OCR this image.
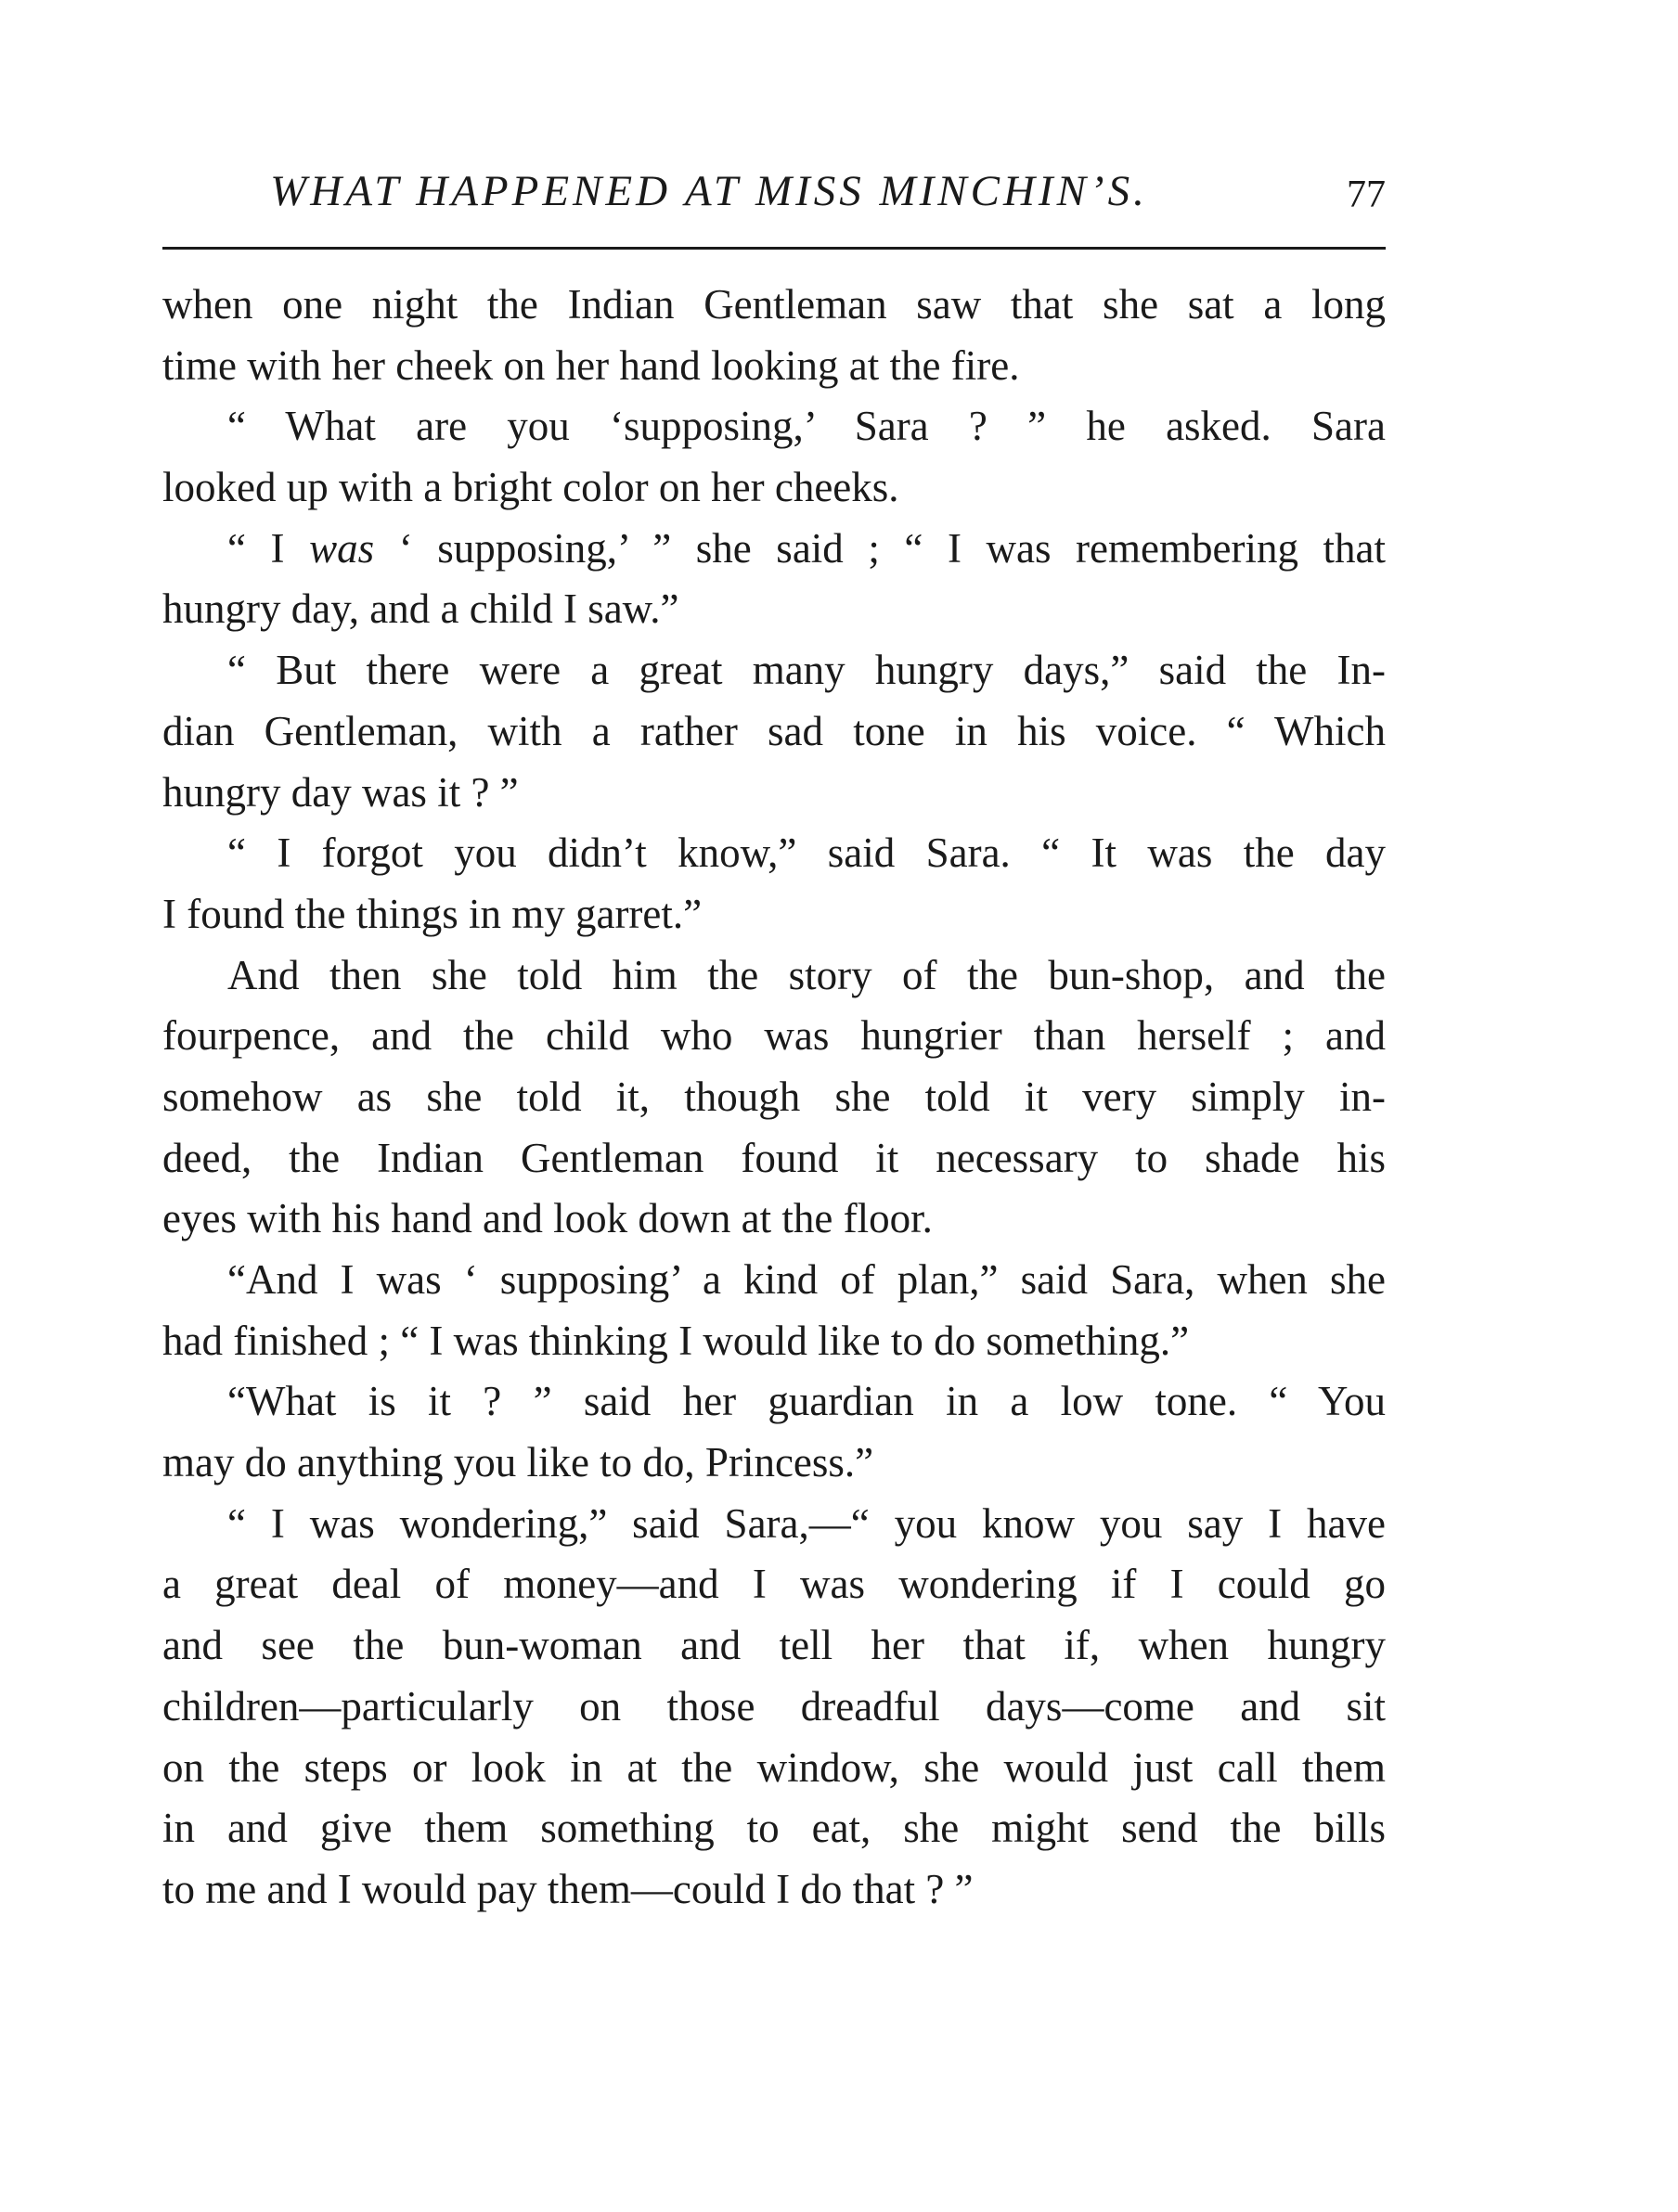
WHAT HAPPENED AT MISS MINCHIN’S.	77
when one night the Indian Gentleman saw that she sat a long
time with her cheek on her hand looking at the fire.
“ What are you ‘supposing,’ Sara ? ” he asked. Sara
looked up with a bright color on her cheeks.
“ I was ‘ supposing,’ ” she said ; “ I was remembering that
hungry day, and a child I saw.”
“ But there were a great many hungry days,” said the In-
dian Gentleman, with a rather sad tone in his voice. “ Which
hungry day was it ? ”
“ I forgot you didn’t know,” said Sara. “ It was the day
I found the things in my garret.”
And then she told him the story of the bun-shop, and the
fourpence, and the child who was hungrier than herself ; and
somehow as she told it, though she told it very simply in-
deed, the Indian Gentleman found it necessary to shade his
eyes with his hand and look down at the floor.
“And I was ‘ supposing’ a kind of plan,” said Sara, when she
had finished ; “ I was thinking I would like to do something.”
“What is it ? ” said her guardian in a low tone. “ You
may do anything you like to do, Princess.”
“ I was wondering,” said Sara,—“ you know you say I have
a great deal of money—and I was wondering if I could go
and see the bun-woman and tell her that if, when hungry
children—particularly on those dreadful days—come and sit
on the steps or look in at the window, she would just call them
in and give them something to eat, she might send the bills
to me and I would pay them—could I do that ? ”
